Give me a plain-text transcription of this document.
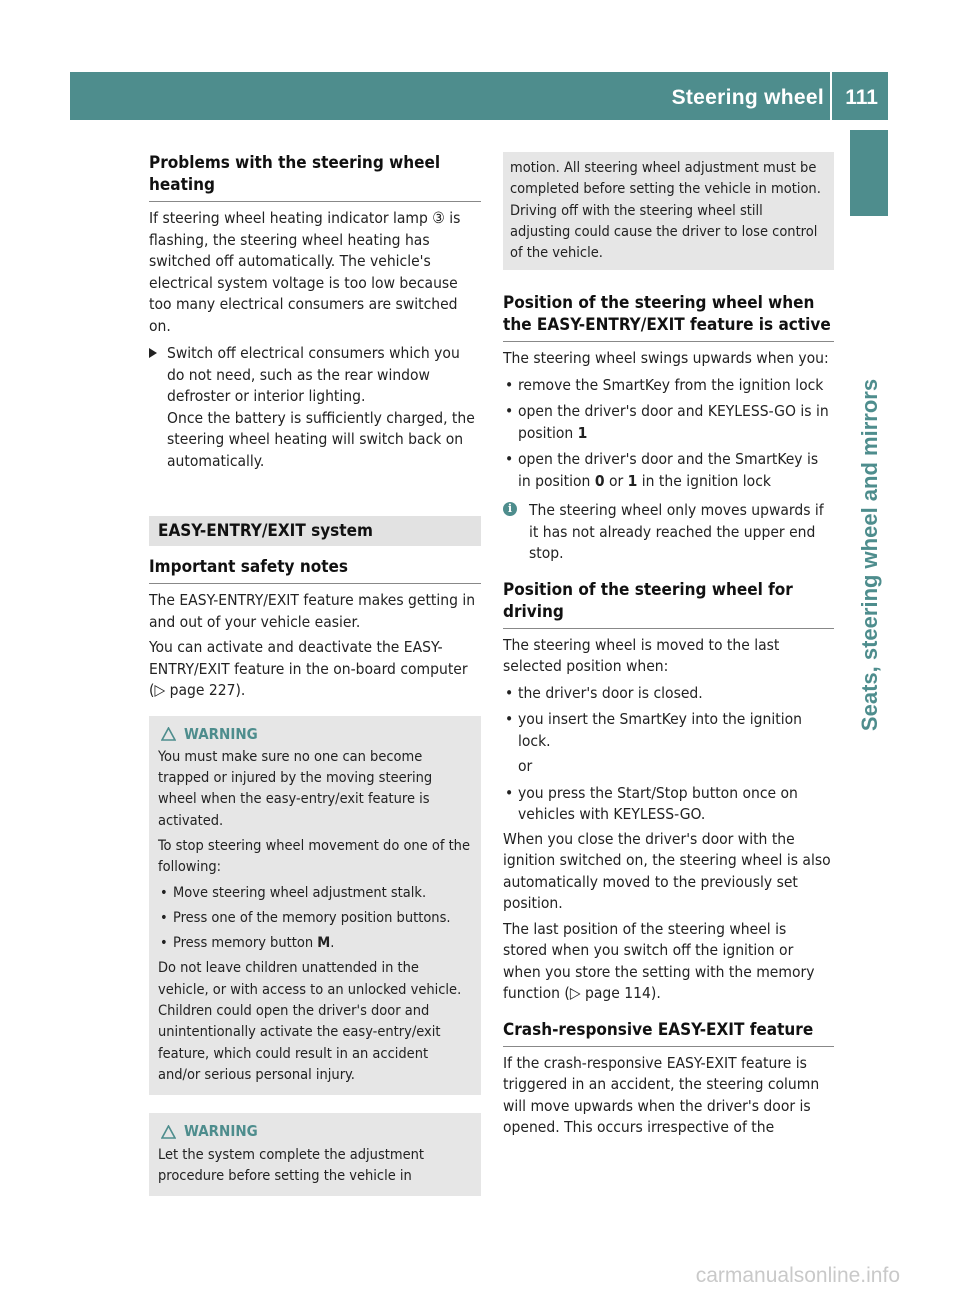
Steering wheel 111
Seats, steering wheel and mirrors
Problems with the steering wheel heating

If steering wheel heating indicator lamp ③ is flashing, the steering wheel heating has switched off automatically. The vehicle's electrical system voltage is too low because too many electrical consumers are switched on.

Switch off electrical consumers which you do not need, such as the rear window defroster or interior lighting.

Once the battery is sufficiently charged, the steering wheel heating will switch back on automatically.

EASY-ENTRY/EXIT system
Important safety notes

The EASY-ENTRY/EXIT feature makes getting in and out of your vehicle easier.

You can activate and deactivate the EASY-ENTRY/EXIT feature in the on-board computer (▷ page 227).

WARNING

You must make sure no one can become trapped or injured by the moving steering wheel when the easy-entry/exit feature is activated.

To stop steering wheel movement do one of the following:

• Move steering wheel adjustment stalk.
• Press one of the memory position buttons.
• Press memory button M.

Do not leave children unattended in the vehicle, or with access to an unlocked vehicle. Children could open the driver's door and unintentionally activate the easy-entry/exit feature, which could result in an accident and/or serious personal injury.

WARNING

Let the system complete the adjustment procedure before setting the vehicle in

motion. All steering wheel adjustment must be completed before setting the vehicle in motion. Driving off with the steering wheel still adjusting could cause the driver to lose control of the vehicle.

Position of the steering wheel when the EASY-ENTRY/EXIT feature is active

The steering wheel swings upwards when you:

• remove the SmartKey from the ignition lock
• open the driver's door and KEYLESS-GO is in position 1
• open the driver's door and the SmartKey is in position 0 or 1 in the ignition lock
i	The steering wheel only moves upwards if it has not already reached the upper end stop.

Position of the steering wheel for driving

The steering wheel is moved to the last selected position when:

• the driver's door is closed.
• you insert the SmartKey into the ignition lock.

or

• you press the Start/Stop button once on vehicles with KEYLESS-GO.

When you close the driver's door with the ignition switched on, the steering wheel is also automatically moved to the previously set position.

The last position of the steering wheel is stored when you switch off the ignition or when you store the setting with the memory function (▷ page 114).

Crash-responsive EASY-EXIT feature

If the crash-responsive EASY-EXIT feature is triggered in an accident, the steering column will move upwards when the driver's door is opened. This occurs irrespective of the

carmanualsonline.info
